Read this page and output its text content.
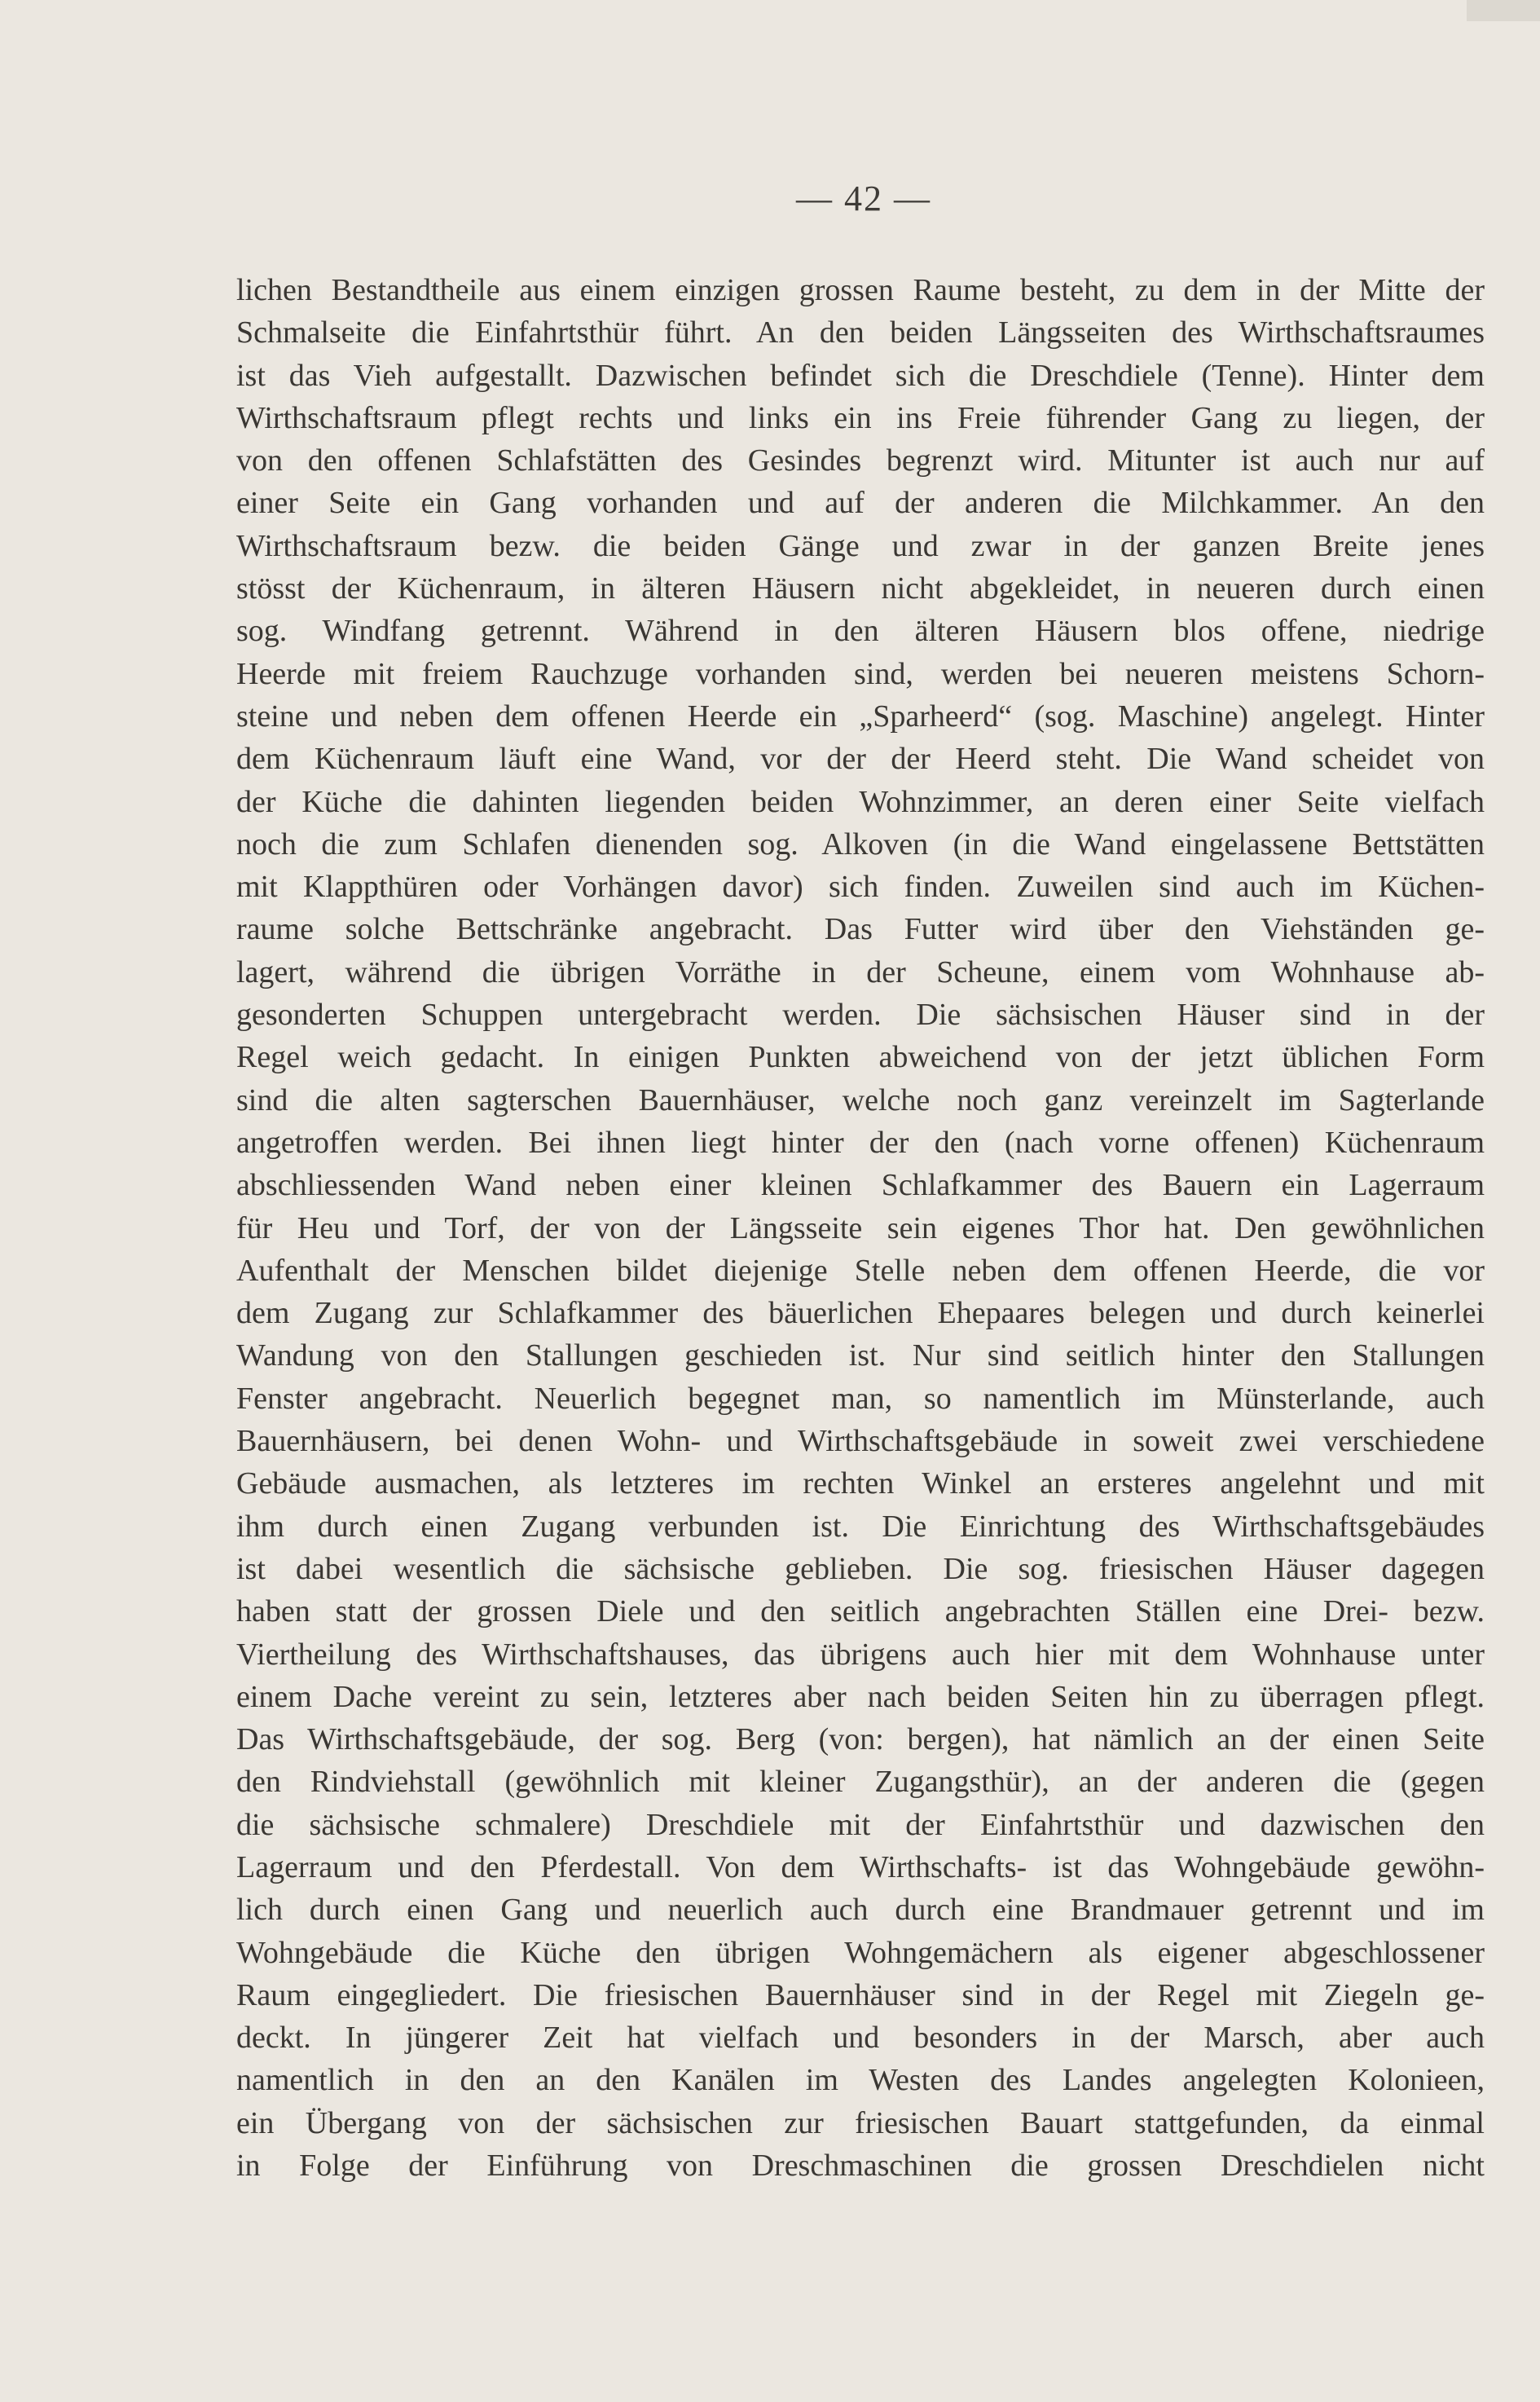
— 42 —
lichen Bestandtheile aus einem einzigen grossen Raume besteht, zu dem in der Mitte der
Schmalseite die Einfahrtsthür führt. An den beiden Längsseiten des Wirthschaftsraumes
ist das Vieh aufgestallt. Dazwischen befindet sich die Dreschdiele (Tenne). Hinter dem
Wirthschaftsraum pflegt rechts und links ein ins Freie führender Gang zu liegen, der
von den offenen Schlafstätten des Gesindes begrenzt wird. Mitunter ist auch nur auf
einer Seite ein Gang vorhanden und auf der anderen die Milchkammer. An den
Wirthschaftsraum bezw. die beiden Gänge und zwar in der ganzen Breite jenes
stösst der Küchenraum, in älteren Häusern nicht abgekleidet, in neueren durch einen
sog. Windfang getrennt. Während in den älteren Häusern blos offene, niedrige
Heerde mit freiem Rauchzuge vorhanden sind, werden bei neueren meistens Schorn-
steine und neben dem offenen Heerde ein „Sparheerd“ (sog. Maschine) angelegt. Hinter
dem Küchenraum läuft eine Wand, vor der der Heerd steht. Die Wand scheidet von
der Küche die dahinten liegenden beiden Wohnzimmer, an deren einer Seite vielfach
noch die zum Schlafen dienenden sog. Alkoven (in die Wand eingelassene Bettstätten
mit Klappthüren oder Vorhängen davor) sich finden. Zuweilen sind auch im Küchen-
raume solche Bettschränke angebracht. Das Futter wird über den Viehständen ge-
lagert, während die übrigen Vorräthe in der Scheune, einem vom Wohnhause ab-
gesonderten Schuppen untergebracht werden. Die sächsischen Häuser sind in der
Regel weich gedacht. In einigen Punkten abweichend von der jetzt üblichen Form
sind die alten sagterschen Bauernhäuser, welche noch ganz vereinzelt im Sagterlande
angetroffen werden. Bei ihnen liegt hinter der den (nach vorne offenen) Küchenraum
abschliessenden Wand neben einer kleinen Schlafkammer des Bauern ein Lagerraum
für Heu und Torf, der von der Längsseite sein eigenes Thor hat. Den gewöhnlichen
Aufenthalt der Menschen bildet diejenige Stelle neben dem offenen Heerde, die vor
dem Zugang zur Schlafkammer des bäuerlichen Ehepaares belegen und durch keinerlei
Wandung von den Stallungen geschieden ist. Nur sind seitlich hinter den Stallungen
Fenster angebracht. Neuerlich begegnet man, so namentlich im Münsterlande, auch
Bauernhäusern, bei denen Wohn- und Wirthschaftsgebäude in soweit zwei verschiedene
Gebäude ausmachen, als letzteres im rechten Winkel an ersteres angelehnt und mit
ihm durch einen Zugang verbunden ist. Die Einrichtung des Wirthschaftsgebäudes
ist dabei wesentlich die sächsische geblieben. Die sog. friesischen Häuser dagegen
haben statt der grossen Diele und den seitlich angebrachten Ställen eine Drei- bezw.
Viertheilung des Wirthschaftshauses, das übrigens auch hier mit dem Wohnhause unter
einem Dache vereint zu sein, letzteres aber nach beiden Seiten hin zu überragen pflegt.
Das Wirthschaftsgebäude, der sog. Berg (von: bergen), hat nämlich an der einen Seite
den Rindviehstall (gewöhnlich mit kleiner Zugangsthür), an der anderen die (gegen
die sächsische schmalere) Dreschdiele mit der Einfahrtsthür und dazwischen den
Lagerraum und den Pferdestall. Von dem Wirthschafts- ist das Wohngebäude gewöhn-
lich durch einen Gang und neuerlich auch durch eine Brandmauer getrennt und im
Wohngebäude die Küche den übrigen Wohngemächern als eigener abgeschlossener
Raum eingegliedert. Die friesischen Bauernhäuser sind in der Regel mit Ziegeln ge-
deckt. In jüngerer Zeit hat vielfach und besonders in der Marsch, aber auch
namentlich in den an den Kanälen im Westen des Landes angelegten Kolonieen,
ein Übergang von der sächsischen zur friesischen Bauart stattgefunden, da einmal
in Folge der Einführung von Dreschmaschinen die grossen Dreschdielen nicht
